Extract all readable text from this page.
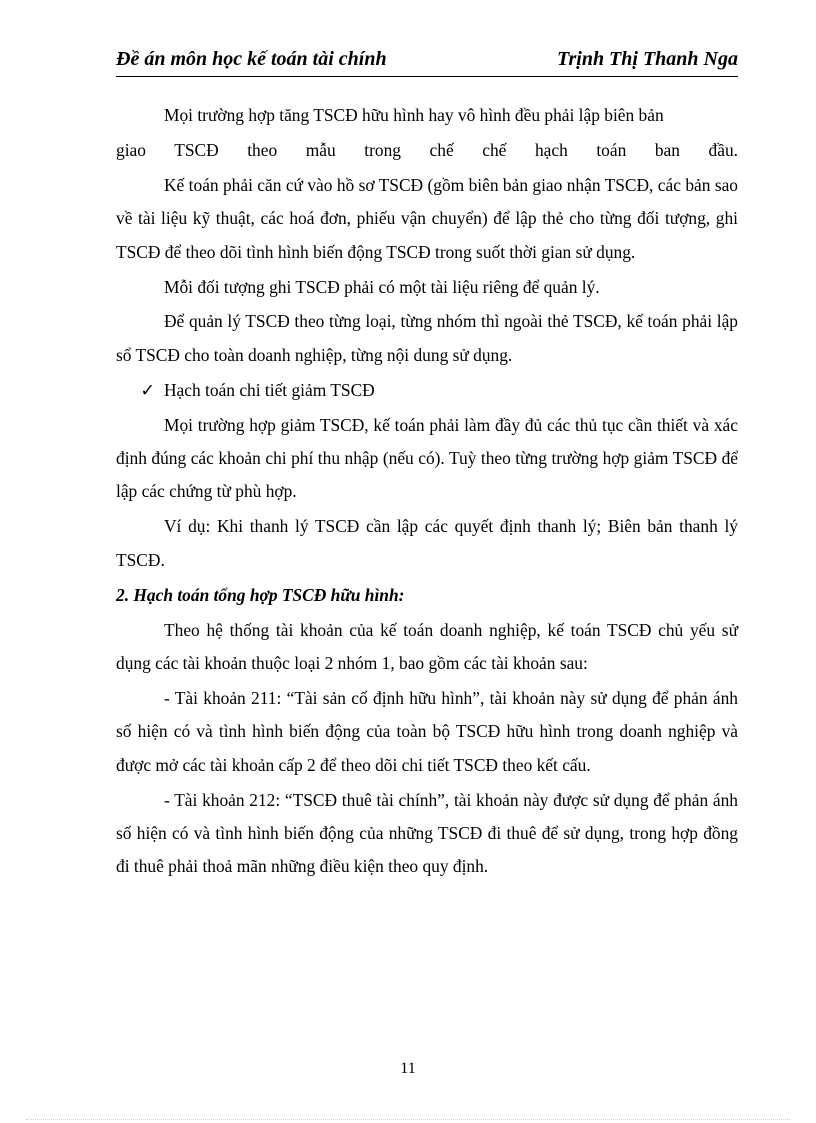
Đề án môn học kế toán tài chính	Trịnh Thị Thanh Nga

Mọi trường hợp tăng TSCĐ hữu hình hay vô hình đều phải lập biên bản

giao TSCĐ theo mẫu trong chế chế hạch toán ban đầu.

Kế toán phải căn cứ vào hồ sơ TSCĐ (gồm biên bản giao nhận TSCĐ, các bản sao về tài liệu kỹ thuật, các hoá đơn, phiếu vận chuyển) để lập thẻ cho từng đối tượng, ghi TSCĐ để theo dõi tình hình biến động TSCĐ trong suốt thời gian sử dụng.

Mỗi đối tượng ghi TSCĐ phải có một tài liệu riêng để quản lý.

Để quản lý TSCĐ theo từng loại, từng nhóm thì ngoài thẻ TSCĐ, kế toán phải lập sổ TSCĐ cho toàn doanh nghiệp, từng nội dung sử dụng.

✓ Hạch toán chi tiết giảm TSCĐ

Mọi trường hợp giảm TSCĐ, kế toán phải làm đầy đủ các thủ tục cần thiết và xác định đúng các khoản chi phí thu nhập (nếu có). Tuỳ theo từng trường hợp giảm TSCĐ để lập các chứng từ phù hợp.

Ví dụ: Khi thanh lý TSCĐ cần lập các quyết định thanh lý; Biên bản thanh lý TSCĐ.

2. Hạch toán tổng hợp TSCĐ hữu hình:

Theo hệ thống tài khoản của kế toán doanh nghiệp, kế toán TSCĐ chủ yếu sử dụng các tài khoản thuộc loại 2 nhóm 1, bao gồm các tài khoản sau:

- Tài khoản 211: “Tài sản cố định hữu hình”, tài khoản này sử dụng để phản ánh số hiện có và tình hình biến động của toàn bộ TSCĐ hữu hình trong doanh nghiệp và được mở các tài khoản cấp 2 để theo dõi chi tiết TSCĐ theo kết cấu.

- Tài khoản 212: “TSCĐ thuê tài chính”, tài khoản này được sử dụng để phản ánh số hiện có và tình hình biến động của những TSCĐ đi thuê để sử dụng, trong hợp đồng đi thuê phải thoả mãn những điều kiện theo quy định.

11
